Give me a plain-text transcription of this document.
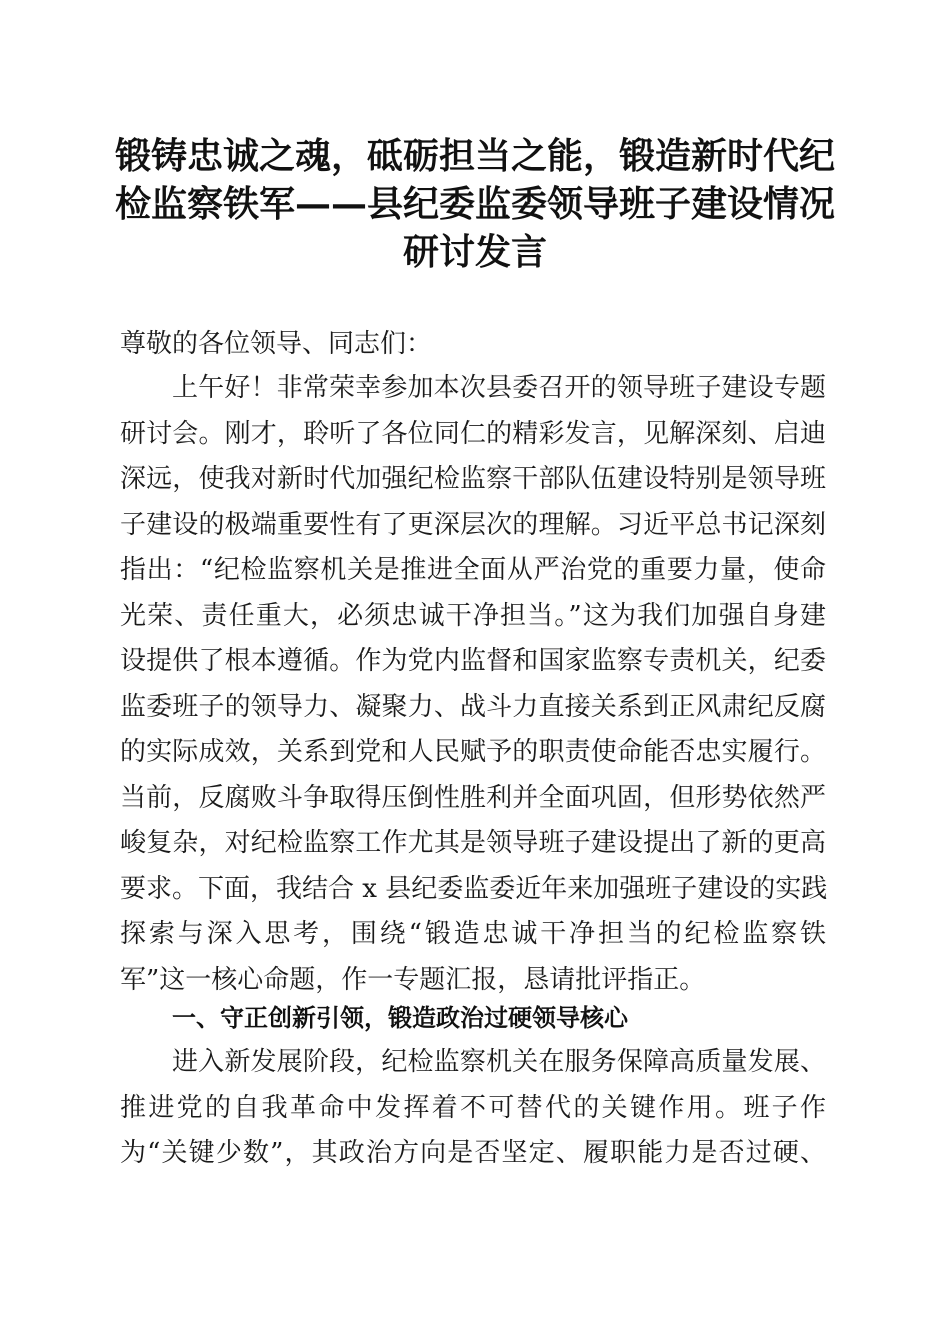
锻铸忠诚之魂，砥砺担当之能，锻造新时代纪
检监察铁军——县纪委监委领导班子建设情况
研讨发言

尊敬的各位领导、同志们：

上午好！非常荣幸参加本次县委召开的领导班子建设专题
研讨会。刚才，聆听了各位同仁的精彩发言，见解深刻、启迪
深远，使我对新时代加强纪检监察干部队伍建设特别是领导班
子建设的极端重要性有了更深层次的理解。习近平总书记深刻
指出：“纪检监察机关是推进全面从严治党的重要力量，使命
光荣、责任重大，必须忠诚干净担当。”这为我们加强自身建
设提供了根本遵循。作为党内监督和国家监察专责机关，纪委
监委班子的领导力、凝聚力、战斗力直接关系到正风肃纪反腐
的实际成效，关系到党和人民赋予的职责使命能否忠实履行。
当前，反腐败斗争取得压倒性胜利并全面巩固，但形势依然严
峻复杂，对纪检监察工作尤其是领导班子建设提出了新的更高
要求。下面，我结合 x 县纪委监委近年来加强班子建设的实践
探索与深入思考，围绕“锻造忠诚干净担当的纪检监察铁
军”这一核心命题，作一专题汇报，恳请批评指正。
一、守正创新引领，锻造政治过硬领导核心
进入新发展阶段，纪检监察机关在服务保障高质量发展、
推进党的自我革命中发挥着不可替代的关键作用。班子作
为“关键少数”，其政治方向是否坚定、履职能力是否过硬、
